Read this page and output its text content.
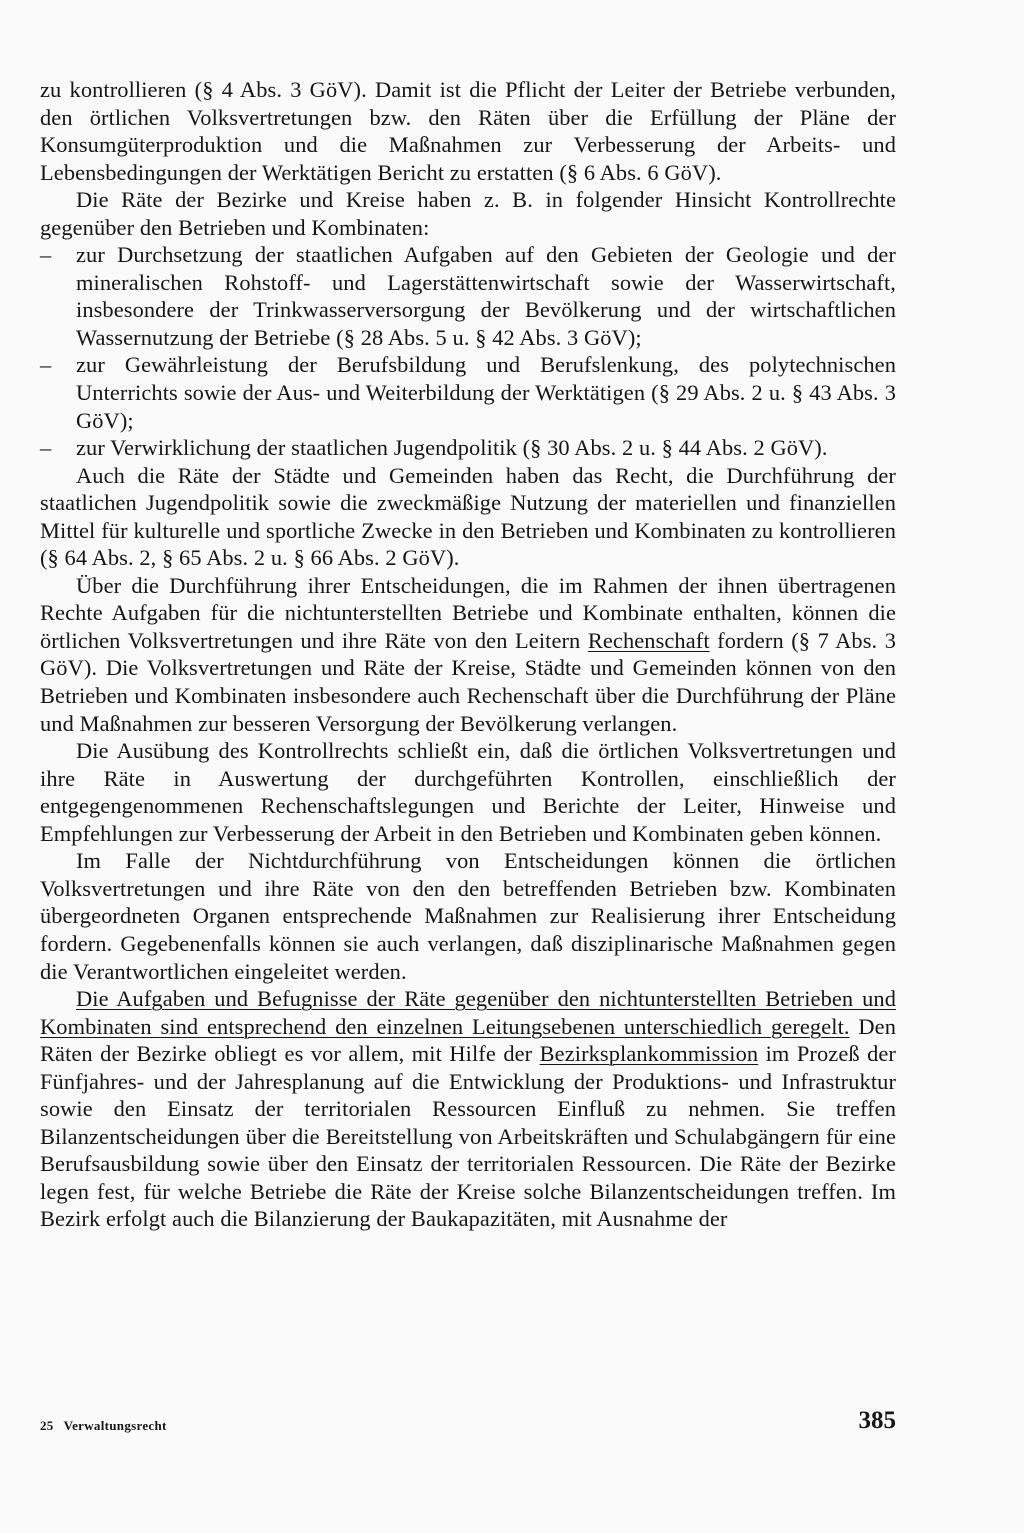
zu kontrollieren (§ 4 Abs. 3 GöV). Damit ist die Pflicht der Leiter der Betriebe verbunden, den örtlichen Volksvertretungen bzw. den Räten über die Erfüllung der Pläne der Konsumgüterproduktion und die Maßnahmen zur Verbesserung der Arbeits- und Lebensbedingungen der Werktätigen Bericht zu erstatten (§ 6 Abs. 6 GöV).

Die Räte der Bezirke und Kreise haben z. B. in folgender Hinsicht Kontrollrechte gegenüber den Betrieben und Kombinaten:

–	zur Durchsetzung der staatlichen Aufgaben auf den Gebieten der Geologie und der mineralischen Rohstoff- und Lagerstättenwirtschaft sowie der Wasserwirtschaft, insbesondere der Trinkwasserversorgung der Bevölkerung und der wirtschaftlichen Wassernutzung der Betriebe (§ 28 Abs. 5 u. § 42 Abs. 3 GöV);
–	zur Gewährleistung der Berufsbildung und Berufslenkung, des polytechnischen Unterrichts sowie der Aus- und Weiterbildung der Werktätigen (§ 29 Abs. 2 u. § 43 Abs. 3 GöV);
–	zur Verwirklichung der staatlichen Jugendpolitik (§ 30 Abs. 2 u. § 44 Abs. 2 GöV).

Auch die Räte der Städte und Gemeinden haben das Recht, die Durchführung der staatlichen Jugendpolitik sowie die zweckmäßige Nutzung der materiellen und finanziellen Mittel für kulturelle und sportliche Zwecke in den Betrieben und Kombinaten zu kontrollieren (§ 64 Abs. 2, § 65 Abs. 2 u. § 66 Abs. 2 GöV).

Über die Durchführung ihrer Entscheidungen, die im Rahmen der ihnen übertragenen Rechte Aufgaben für die nichtunterstellten Betriebe und Kombinate enthalten, können die örtlichen Volksvertretungen und ihre Räte von den Leitern Rechenschaft fordern (§ 7 Abs. 3 GöV). Die Volksvertretungen und Räte der Kreise, Städte und Gemeinden können von den Betrieben und Kombinaten insbesondere auch Rechenschaft über die Durchführung der Pläne und Maßnahmen zur besseren Versorgung der Bevölkerung verlangen.

Die Ausübung des Kontrollrechts schließt ein, daß die örtlichen Volksvertretungen und ihre Räte in Auswertung der durchgeführten Kontrollen, einschließlich der entgegengenommenen Rechenschaftslegungen und Berichte der Leiter, Hinweise und Empfehlungen zur Verbesserung der Arbeit in den Betrieben und Kombinaten geben können.

Im Falle der Nichtdurchführung von Entscheidungen können die örtlichen Volksvertretungen und ihre Räte von den den betreffenden Betrieben bzw. Kombinaten übergeordneten Organen entsprechende Maßnahmen zur Realisierung ihrer Entscheidung fordern. Gegebenenfalls können sie auch verlangen, daß disziplinarische Maßnahmen gegen die Verantwortlichen eingeleitet werden.

Die Aufgaben und Befugnisse der Räte gegenüber den nichtunterstellten Betrieben und Kombinaten sind entsprechend den einzelnen Leitungsebenen unterschiedlich geregelt. Den Räten der Bezirke obliegt es vor allem, mit Hilfe der Bezirksplankommission im Prozeß der Fünfjahres- und der Jahresplanung auf die Entwicklung der Produktions- und Infrastruktur sowie den Einsatz der territorialen Ressourcen Einfluß zu nehmen. Sie treffen Bilanzentscheidungen über die Bereitstellung von Arbeitskräften und Schulabgängern für eine Berufsausbildung sowie über den Einsatz der territorialen Ressourcen. Die Räte der Bezirke legen fest, für welche Betriebe die Räte der Kreise solche Bilanzentscheidungen treffen. Im Bezirk erfolgt auch die Bilanzierung der Baukapazitäten, mit Ausnahme der

25 Verwaltungsrecht	385
